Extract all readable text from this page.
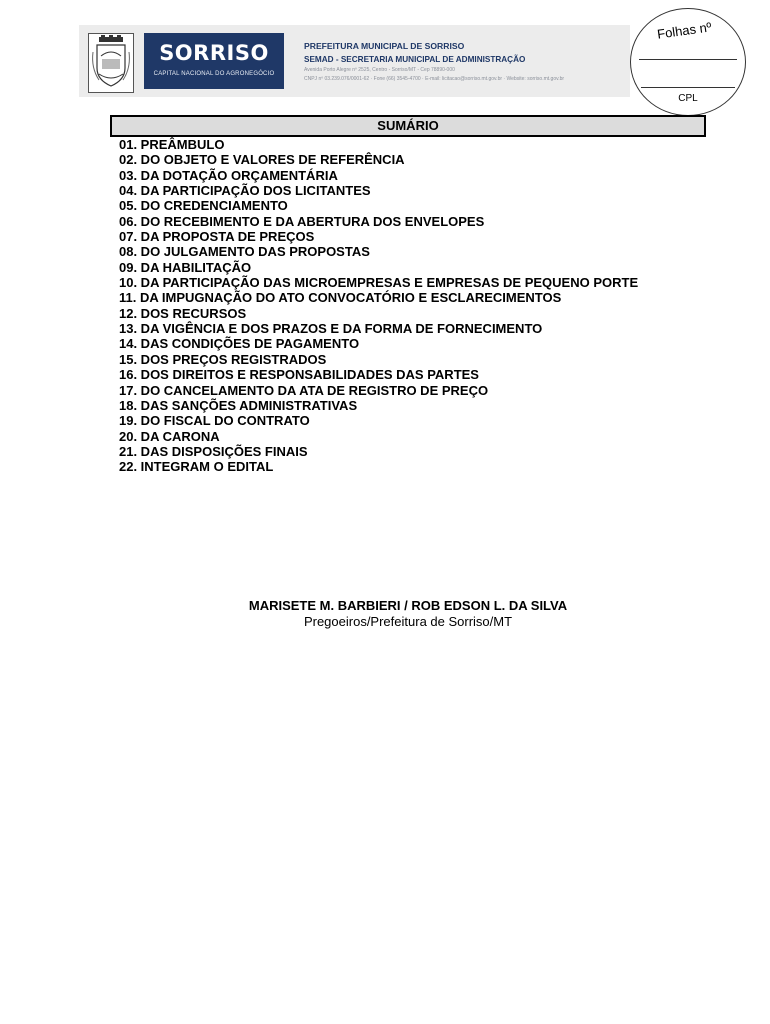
SORRISO
CAPITAL NACIONAL DO AGRONEGÓCIO
PREFEITURA MUNICIPAL DE SORRISO
SEMAD - SECRETARIA MUNICIPAL DE ADMINISTRAÇÃO
Avenida Porto Alegre nº 2525, Centro - Sorriso/MT - Cep 78890-000
CNPJ nº 03.239.076/0001-62 · Fone (66) 3545-4700 · E-mail: licitacao@sorriso.mt.gov.br · Website: sorriso.mt.gov.br
Folhas nº
CPL
SUMÁRIO
01. PREÂMBULO
02. DO OBJETO E VALORES DE REFERÊNCIA
03. DA DOTAÇÃO ORÇAMENTÁRIA
04. DA PARTICIPAÇÃO DOS LICITANTES
05. DO CREDENCIAMENTO
06. DO RECEBIMENTO E DA ABERTURA DOS ENVELOPES
07. DA PROPOSTA DE PREÇOS
08. DO JULGAMENTO DAS PROPOSTAS
09. DA HABILITAÇÃO
10. DA PARTICIPAÇÃO DAS MICROEMPRESAS E EMPRESAS DE PEQUENO PORTE
11. DA IMPUGNAÇÃO DO ATO CONVOCATÓRIO E ESCLARECIMENTOS
12. DOS RECURSOS
13. DA VIGÊNCIA E DOS PRAZOS E DA FORMA DE FORNECIMENTO
14. DAS CONDIÇÕES DE PAGAMENTO
15. DOS PREÇOS REGISTRADOS
16. DOS DIREITOS E RESPONSABILIDADES DAS PARTES
17. DO CANCELAMENTO DA ATA DE REGISTRO DE PREÇO
18. DAS SANÇÕES ADMINISTRATIVAS
19. DO FISCAL DO CONTRATO
20. DA CARONA
21. DAS DISPOSIÇÕES FINAIS
22. INTEGRAM O EDITAL
MARISETE M. BARBIERI / ROB EDSON L. DA SILVA
Pregoeiros/Prefeitura de Sorriso/MT
